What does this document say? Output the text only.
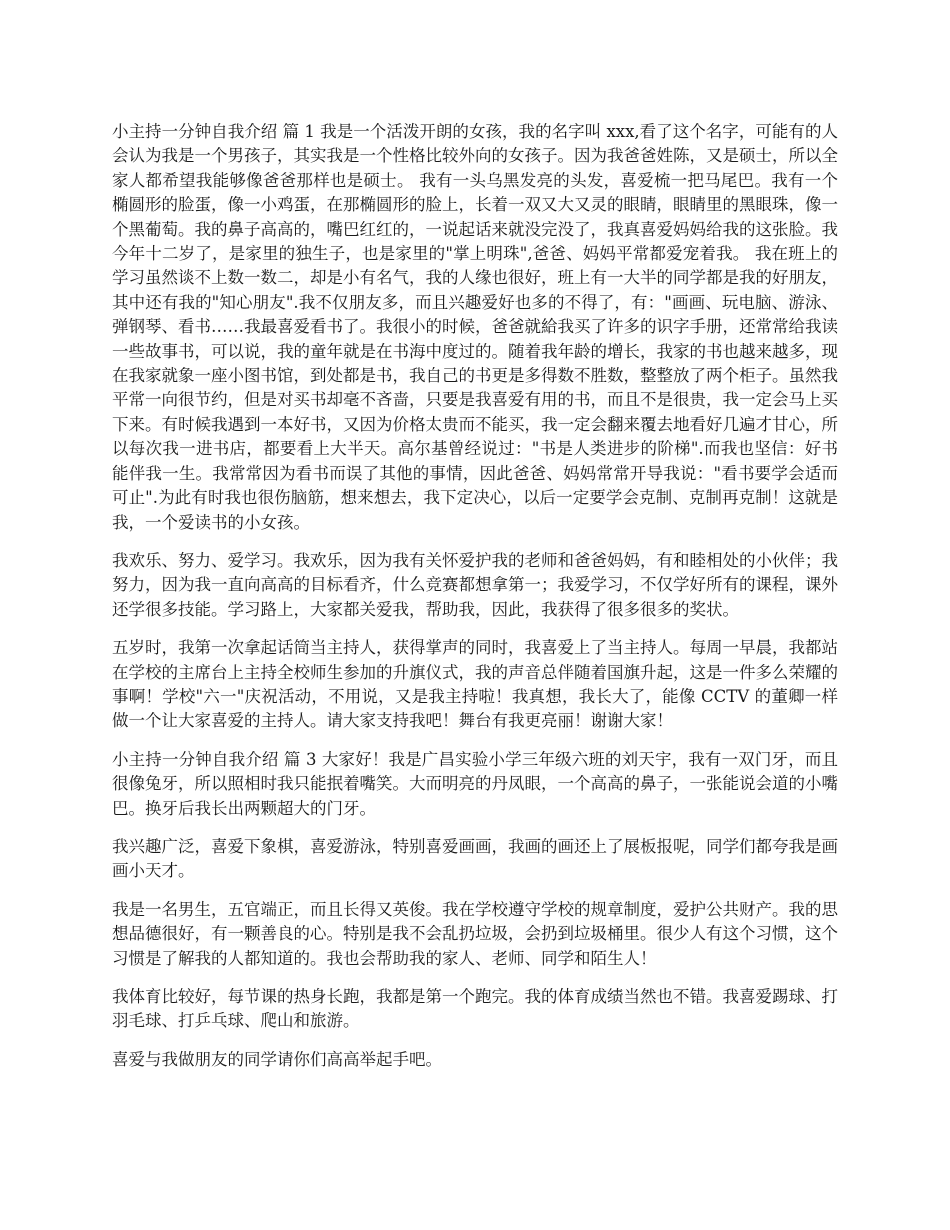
小主持一分钟自我介绍 篇 1 我是一个活泼开朗的女孩，我的名字叫 xxx,看了这个名字，可能有的人会认为我是一个男孩子，其实我是一个性格比较外向的女孩子。因为我爸爸姓陈，又是硕士，所以全家人都希望我能够像爸爸那样也是硕士。 我有一头乌黑发亮的头发，喜爱梳一把马尾巴。我有一个椭圆形的脸蛋，像一小鸡蛋，在那椭圆形的脸上，长着一双又大又灵的眼睛，眼睛里的黑眼珠，像一个黑葡萄。我的鼻子高高的，嘴巴红红的，一说起话来就没完没了，我真喜爱妈妈给我的这张脸。我今年十二岁了，是家里的独生子，也是家里的"掌上明珠",爸爸、妈妈平常都爱宠着我。 我在班上的学习虽然谈不上数一数二，却是小有名气，我的人缘也很好，班上有一大半的同学都是我的好朋友，其中还有我的"知心朋友".我不仅朋友多，而且兴趣爱好也多的不得了，有："画画、玩电脑、游泳、弹钢琴、看书……我最喜爱看书了。我很小的时候，爸爸就給我买了许多的识字手册，还常常给我读一些故事书，可以说，我的童年就是在书海中度过的。随着我年龄的增长，我家的书也越来越多，现在我家就象一座小图书馆，到处都是书，我自己的书更是多得数不胜数，整整放了两个柜子。虽然我平常一向很节约，但是对买书却毫不吝啬，只要是我喜爱有用的书，而且不是很贵，我一定会马上买下来。有时候我遇到一本好书，又因为价格太贵而不能买，我一定会翻来覆去地看好几遍才甘心，所以每次我一进书店，都要看上大半天。高尔基曾经说过："书是人类进步的阶梯".而我也坚信：好书能伴我一生。我常常因为看书而误了其他的事情，因此爸爸、妈妈常常开导我说："看书要学会适而可止".为此有时我也很伤脑筋，想来想去，我下定决心，以后一定要学会克制、克制再克制！这就是我，一个爱读书的小女孩。

我欢乐、努力、爱学习。我欢乐，因为我有关怀爱护我的老师和爸爸妈妈，有和睦相处的小伙伴；我努力，因为我一直向高高的目标看齐，什么竞赛都想拿第一；我爱学习，不仅学好所有的课程，课外还学很多技能。学习路上，大家都关爱我，帮助我，因此，我获得了很多很多的奖状。

五岁时，我第一次拿起话筒当主持人，获得掌声的同时，我喜爱上了当主持人。每周一早晨，我都站在学校的主席台上主持全校师生参加的升旗仪式，我的声音总伴随着国旗升起，这是一件多么荣耀的事啊！学校"六一"庆祝活动，不用说，又是我主持啦！我真想，我长大了，能像 CCTV 的董卿一样做一个让大家喜爱的主持人。请大家支持我吧！舞台有我更亮丽！谢谢大家！

小主持一分钟自我介绍 篇 3 大家好！我是广昌实验小学三年级六班的刘天宇，我有一双门牙，而且很像兔牙，所以照相时我只能抿着嘴笑。大而明亮的丹凤眼，一个高高的鼻子，一张能说会道的小嘴巴。换牙后我长出两颗超大的门牙。

我兴趣广泛，喜爱下象棋，喜爱游泳，特别喜爱画画，我画的画还上了展板报呢，同学们都夸我是画画小天才。

我是一名男生，五官端正，而且长得又英俊。我在学校遵守学校的规章制度，爱护公共财产。我的思想品德很好，有一颗善良的心。特别是我不会乱扔垃圾，会扔到垃圾桶里。很少人有这个习惯，这个习惯是了解我的人都知道的。我也会帮助我的家人、老师、同学和陌生人！

我体育比较好，每节课的热身长跑，我都是第一个跑完。我的体育成绩当然也不错。我喜爱踢球、打羽毛球、打乒乓球、爬山和旅游。

喜爱与我做朋友的同学请你们高高举起手吧。
